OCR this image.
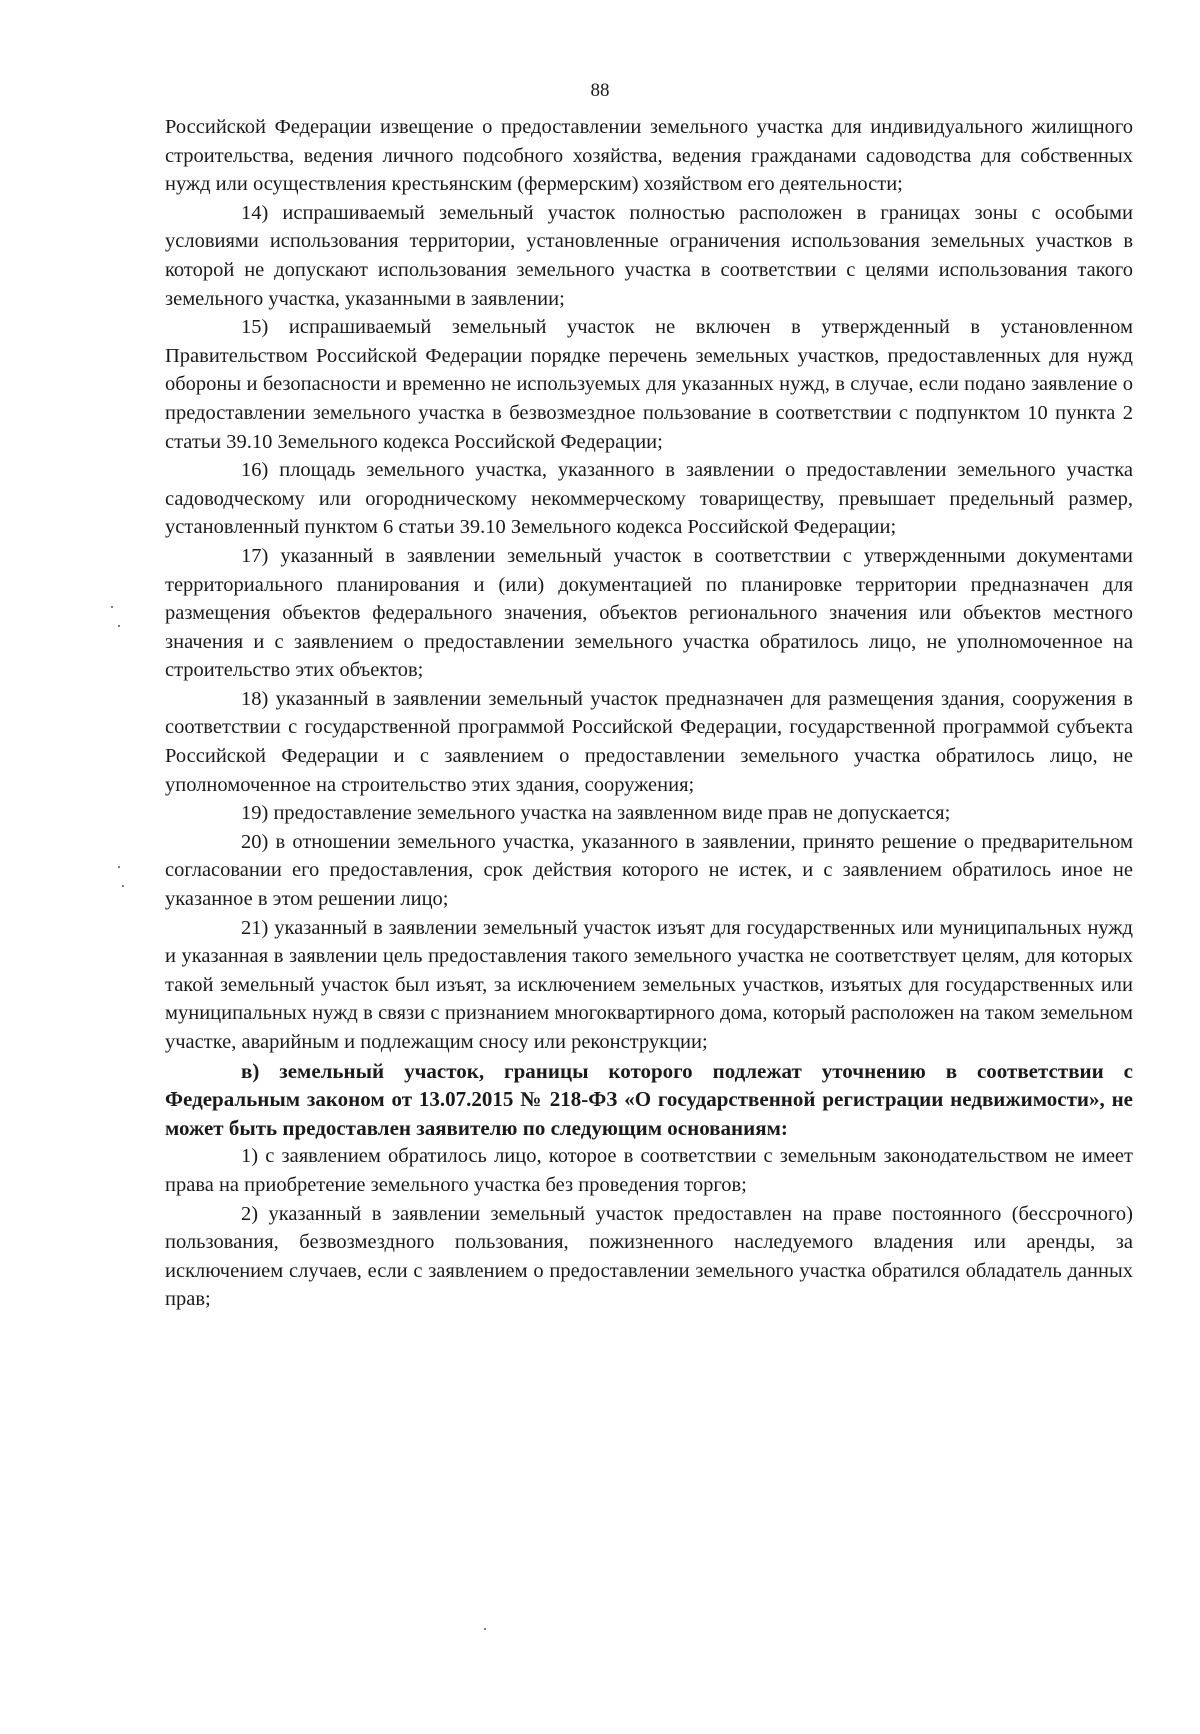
88

Российской Федерации извещение о предоставлении земельного участка для индивидуального жилищного строительства, ведения личного подсобного хозяйства, ведения гражданами садоводства для собственных нужд или осуществления крестьянским (фермерским) хозяйством его деятельности;

14) испрашиваемый земельный участок полностью расположен в границах зоны с особыми условиями использования территории, установленные ограничения использования земельных участков в которой не допускают использования земельного участка в соответствии с целями использования такого земельного участка, указанными в заявлении;

15) испрашиваемый земельный участок не включен в утвержденный в установленном Правительством Российской Федерации порядке перечень земельных участков, предоставленных для нужд обороны и безопасности и временно не используемых для указанных нужд, в случае, если подано заявление о предоставлении земельного участка в безвозмездное пользование в соответствии с подпунктом 10 пункта 2 статьи 39.10 Земельного кодекса Российской Федерации;

16) площадь земельного участка, указанного в заявлении о предоставлении земельного участка садоводческому или огородническому некоммерческому товариществу, превышает предельный размер, установленный пунктом 6 статьи 39.10 Земельного кодекса Российской Федерации;

17) указанный в заявлении земельный участок в соответствии с утвержденными документами территориального планирования и (или) документацией по планировке территории предназначен для размещения объектов федерального значения, объектов регионального значения или объектов местного значения и с заявлением о предоставлении земельного участка обратилось лицо, не уполномоченное на строительство этих объектов;

18) указанный в заявлении земельный участок предназначен для размещения здания, сооружения в соответствии с государственной программой Российской Федерации, государственной программой субъекта Российской Федерации и с заявлением о предоставлении земельного участка обратилось лицо, не уполномоченное на строительство этих здания, сооружения;

19) предоставление земельного участка на заявленном виде прав не допускается;

20) в отношении земельного участка, указанного в заявлении, принято решение о предварительном согласовании его предоставления, срок действия которого не истек, и с заявлением обратилось иное не указанное в этом решении лицо;

21) указанный в заявлении земельный участок изъят для государственных или муниципальных нужд и указанная в заявлении цель предоставления такого земельного участка не соответствует целям, для которых такой земельный участок был изъят, за исключением земельных участков, изъятых для государственных или муниципальных нужд в связи с признанием многоквартирного дома, который расположен на таком земельном участке, аварийным и подлежащим сносу или реконструкции;

в) земельный участок, границы которого подлежат уточнению в соответствии с Федеральным законом от 13.07.2015 № 218-ФЗ «О государственной регистрации недвижимости», не может быть предоставлен заявителю по следующим основаниям:

1) с заявлением обратилось лицо, которое в соответствии с земельным законодательством не имеет права на приобретение земельного участка без проведения торгов;

2) указанный в заявлении земельный участок предоставлен на праве постоянного (бессрочного) пользования, безвозмездного пользования, пожизненного наследуемого владения или аренды, за исключением случаев, если с заявлением о предоставлении земельного участка обратился обладатель данных прав;
